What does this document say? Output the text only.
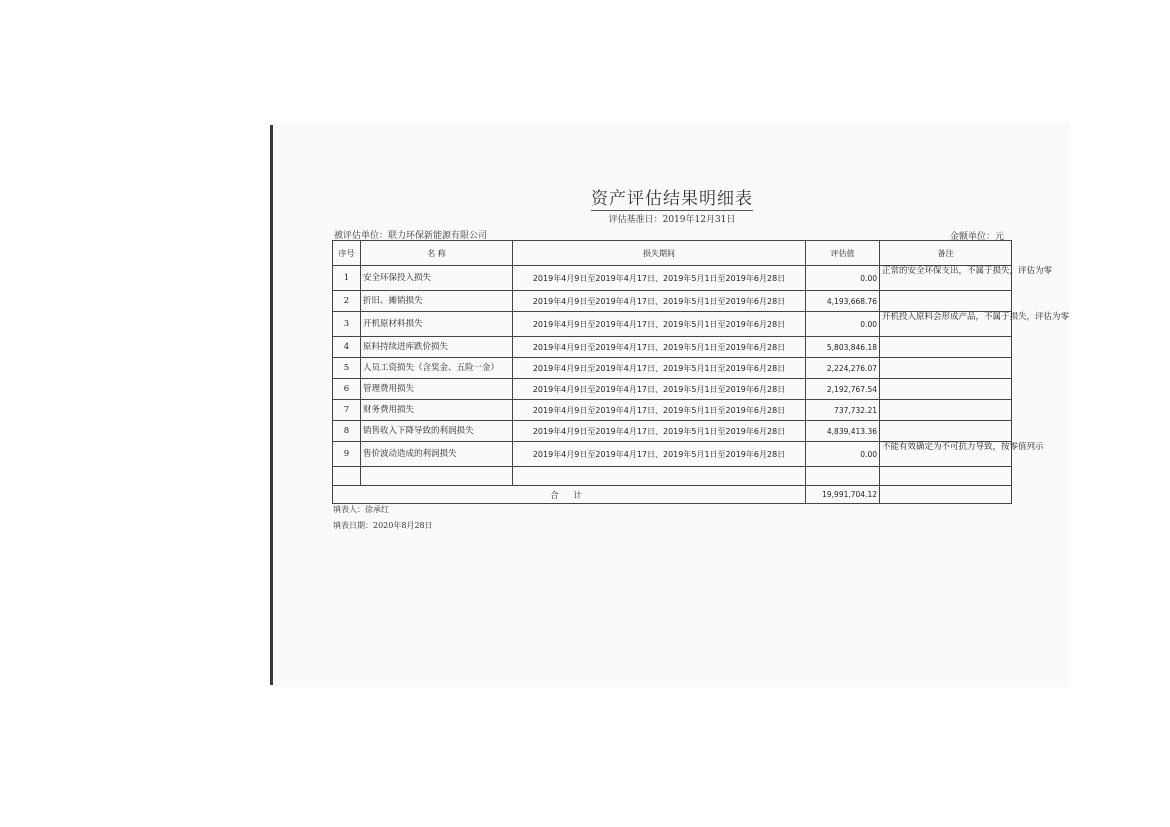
资产评估结果明细表
评估基准日：2019年12月31日
被评估单位：联力环保新能源有限公司	金额单位：元
序号	名 称	损失期间	评估值	备注
1	安全环保投入损失	2019年4月9日至2019年4月17日、2019年5月1日至2019年6月28日	0.00	正常的安全环保支出，不属于损失，评估为零
2	折旧、摊销损失	2019年4月9日至2019年4月17日、2019年5月1日至2019年6月28日	4,193,668.76	
3	开机原材料损失	2019年4月9日至2019年4月17日、2019年5月1日至2019年6月28日	0.00	开机投入原料会形成产品，不属于损失，评估为零
4	原料持续进库跌价损失	2019年4月9日至2019年4月17日、2019年5月1日至2019年6月28日	5,803,846.18	
5	人员工资损失（含奖金、五险一金）	2019年4月9日至2019年4月17日、2019年5月1日至2019年6月28日	2,224,276.07	
6	管理费用损失	2019年4月9日至2019年4月17日、2019年5月1日至2019年6月28日	2,192,767.54	
7	财务费用损失	2019年4月9日至2019年4月17日、2019年5月1日至2019年6月28日	737,732.21	
8	销售收入下降导致的利润损失	2019年4月9日至2019年4月17日、2019年5月1日至2019年6月28日	4,839,413.36	
9	售价波动造成的利润损失	2019年4月9日至2019年4月17日、2019年5月1日至2019年6月28日	0.00	不能有效确定为不可抗力导致，按零值列示

合 计			19,991,704.12	
填表人：徐承红
填表日期：2020年8月28日
